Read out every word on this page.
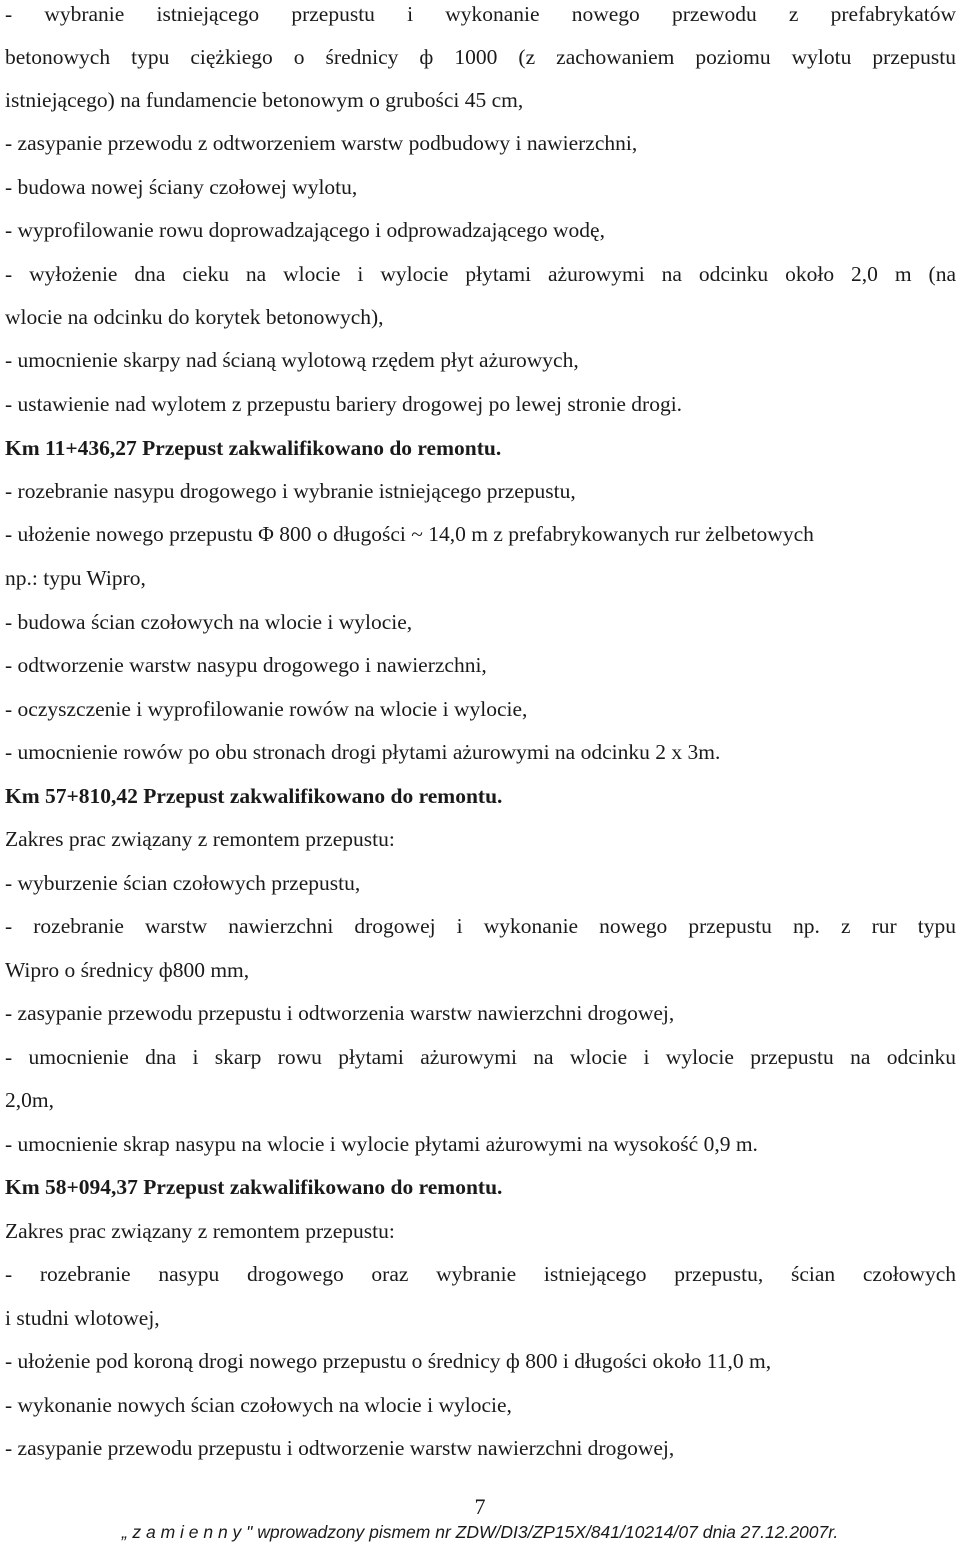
- wybranie istniejącego przepustu i wykonanie nowego przewodu z prefabrykatów
betonowych typu ciężkiego o średnicy ф 1000 (z zachowaniem poziomu wylotu przepustu
istniejącego) na fundamencie betonowym o grubości 45 cm,
- zasypanie przewodu z odtworzeniem warstw podbudowy i nawierzchni,
- budowa nowej ściany czołowej wylotu,
- wyprofilowanie rowu doprowadzającego i odprowadzającego wodę,
- wyłożenie dna cieku na wlocie i wylocie płytami ażurowymi na odcinku około 2,0 m (na
wlocie na odcinku do korytek betonowych),
- umocnienie skarpy nad ścianą wylotową rzędem płyt ażurowych,
- ustawienie nad wylotem z przepustu bariery drogowej po lewej stronie drogi.
Km 11+436,27 Przepust zakwalifikowano do remontu.
- rozebranie nasypu drogowego i wybranie istniejącego przepustu,
- ułożenie nowego przepustu Φ 800 o długości ~ 14,0 m z prefabrykowanych rur żelbetowych
np.: typu Wipro,
- budowa ścian czołowych na wlocie i wylocie,
- odtworzenie warstw nasypu drogowego i nawierzchni,
- oczyszczenie i wyprofilowanie rowów na wlocie i wylocie,
- umocnienie rowów po obu stronach drogi płytami ażurowymi na odcinku 2 x 3m.
Km 57+810,42 Przepust zakwalifikowano do remontu.
Zakres prac związany z remontem przepustu:
- wyburzenie ścian czołowych przepustu,
- rozebranie warstw nawierzchni drogowej i wykonanie nowego przepustu np. z rur typu
Wipro o średnicy ф800 mm,
- zasypanie przewodu przepustu i odtworzenia warstw nawierzchni drogowej,
- umocnienie dna i skarp rowu płytami ażurowymi na wlocie i wylocie przepustu na odcinku
2,0m,
- umocnienie skrap nasypu na wlocie i wylocie płytami ażurowymi na wysokość 0,9 m.
Km 58+094,37 Przepust zakwalifikowano do remontu.
Zakres prac związany z remontem przepustu:
- rozebranie nasypu drogowego oraz wybranie istniejącego przepustu, ścian czołowych
i studni wlotowej,
- ułożenie pod koroną drogi nowego przepustu o średnicy ф 800 i długości około 11,0 m,
- wykonanie nowych ścian czołowych na wlocie i wylocie,
- zasypanie przewodu przepustu i odtworzenie warstw nawierzchni drogowej,
7
„ z a m i e n n y " wprowadzony pismem nr ZDW/DI3/ZP15X/841/10214/07 dnia 27.12.2007r.
